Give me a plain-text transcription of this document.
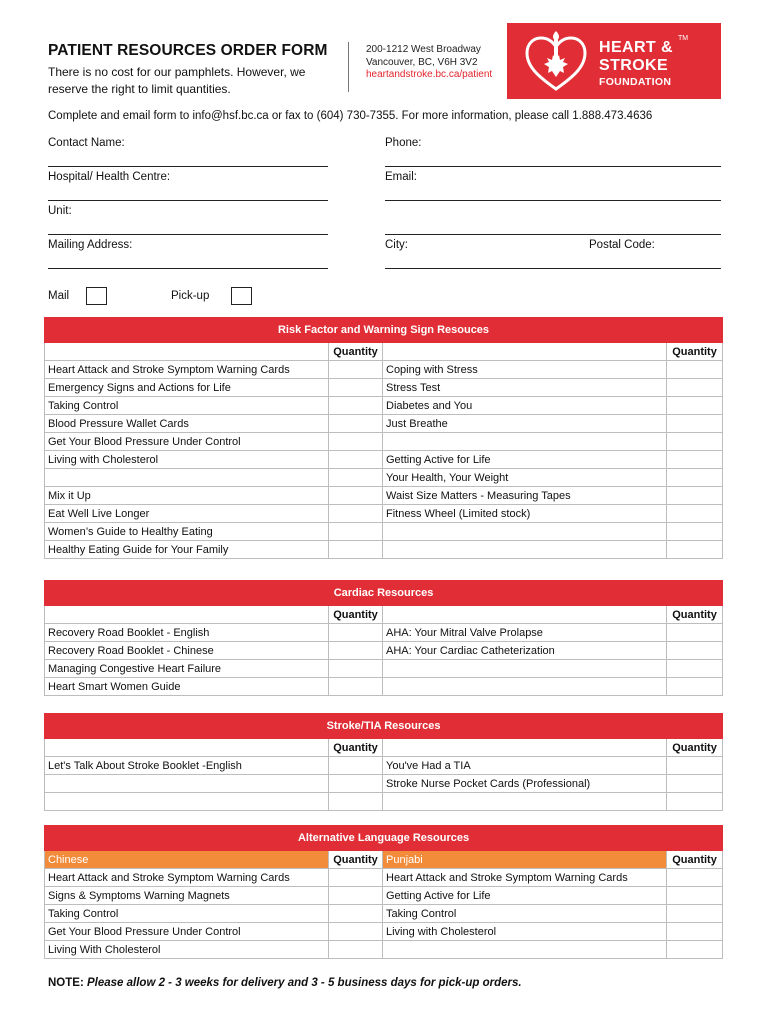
PATIENT RESOURCES ORDER FORM
There is no cost for our pamphlets. However, we
reserve the right to limit quantities.
200-1212 West Broadway
Vancouver, BC, V6H 3V2
heartandstroke.bc.ca/patient
HEART &
TM
STROKE
FOUNDATION
Complete and email form to info@hsf.bc.ca or fax to (604) 730-7355. For more information, please call 1.888.473.4636
Contact Name:	Phone:
Hospital/ Health Centre:	Email:
Unit:
Mailing Address:	City:	Postal Code:
Mail	Pick-up
Risk Factor and Warning Sign Resouces			
	Quantity		Quantity
Heart Attack and Stroke Symptom Warning Cards		Coping with Stress	
Emergency Signs and Actions for Life		Stress Test	
Taking Control		Diabetes and You	
Blood Pressure Wallet Cards		Just Breathe	
Get Your Blood Pressure Under Control			
Living with Cholesterol		Getting Active for Life	
		Your Health, Your Weight	
Mix it Up		Waist Size Matters - Measuring Tapes	
Eat Well Live Longer		Fitness Wheel (Limited stock)	
Women’s Guide to Healthy Eating			
Healthy Eating Guide for Your Family			
Cardiac Resources			
	Quantity		Quantity
Recovery Road Booklet - English		AHA: Your Mitral Valve Prolapse	
Recovery Road Booklet - Chinese		AHA: Your Cardiac Catheterization	
Managing Congestive Heart Failure			
Heart Smart Women Guide			
Stroke/TIA Resources			
	Quantity		Quantity
Let's Talk About Stroke Booklet -English		You've Had a TIA	
		Stroke Nurse Pocket Cards (Professional)	

Alternative Language Resources			
Chinese	Quantity	Punjabi	Quantity
Heart Attack and Stroke Symptom Warning Cards		Heart Attack and Stroke Symptom Warning Cards	
Signs & Symptoms Warning Magnets		Getting Active for Life	
Taking Control		Taking Control	
Get Your Blood Pressure Under Control		Living with Cholesterol	
Living With Cholesterol			
NOTE: Please allow 2 - 3 weeks for delivery and 3 - 5 business days for pick-up orders.
